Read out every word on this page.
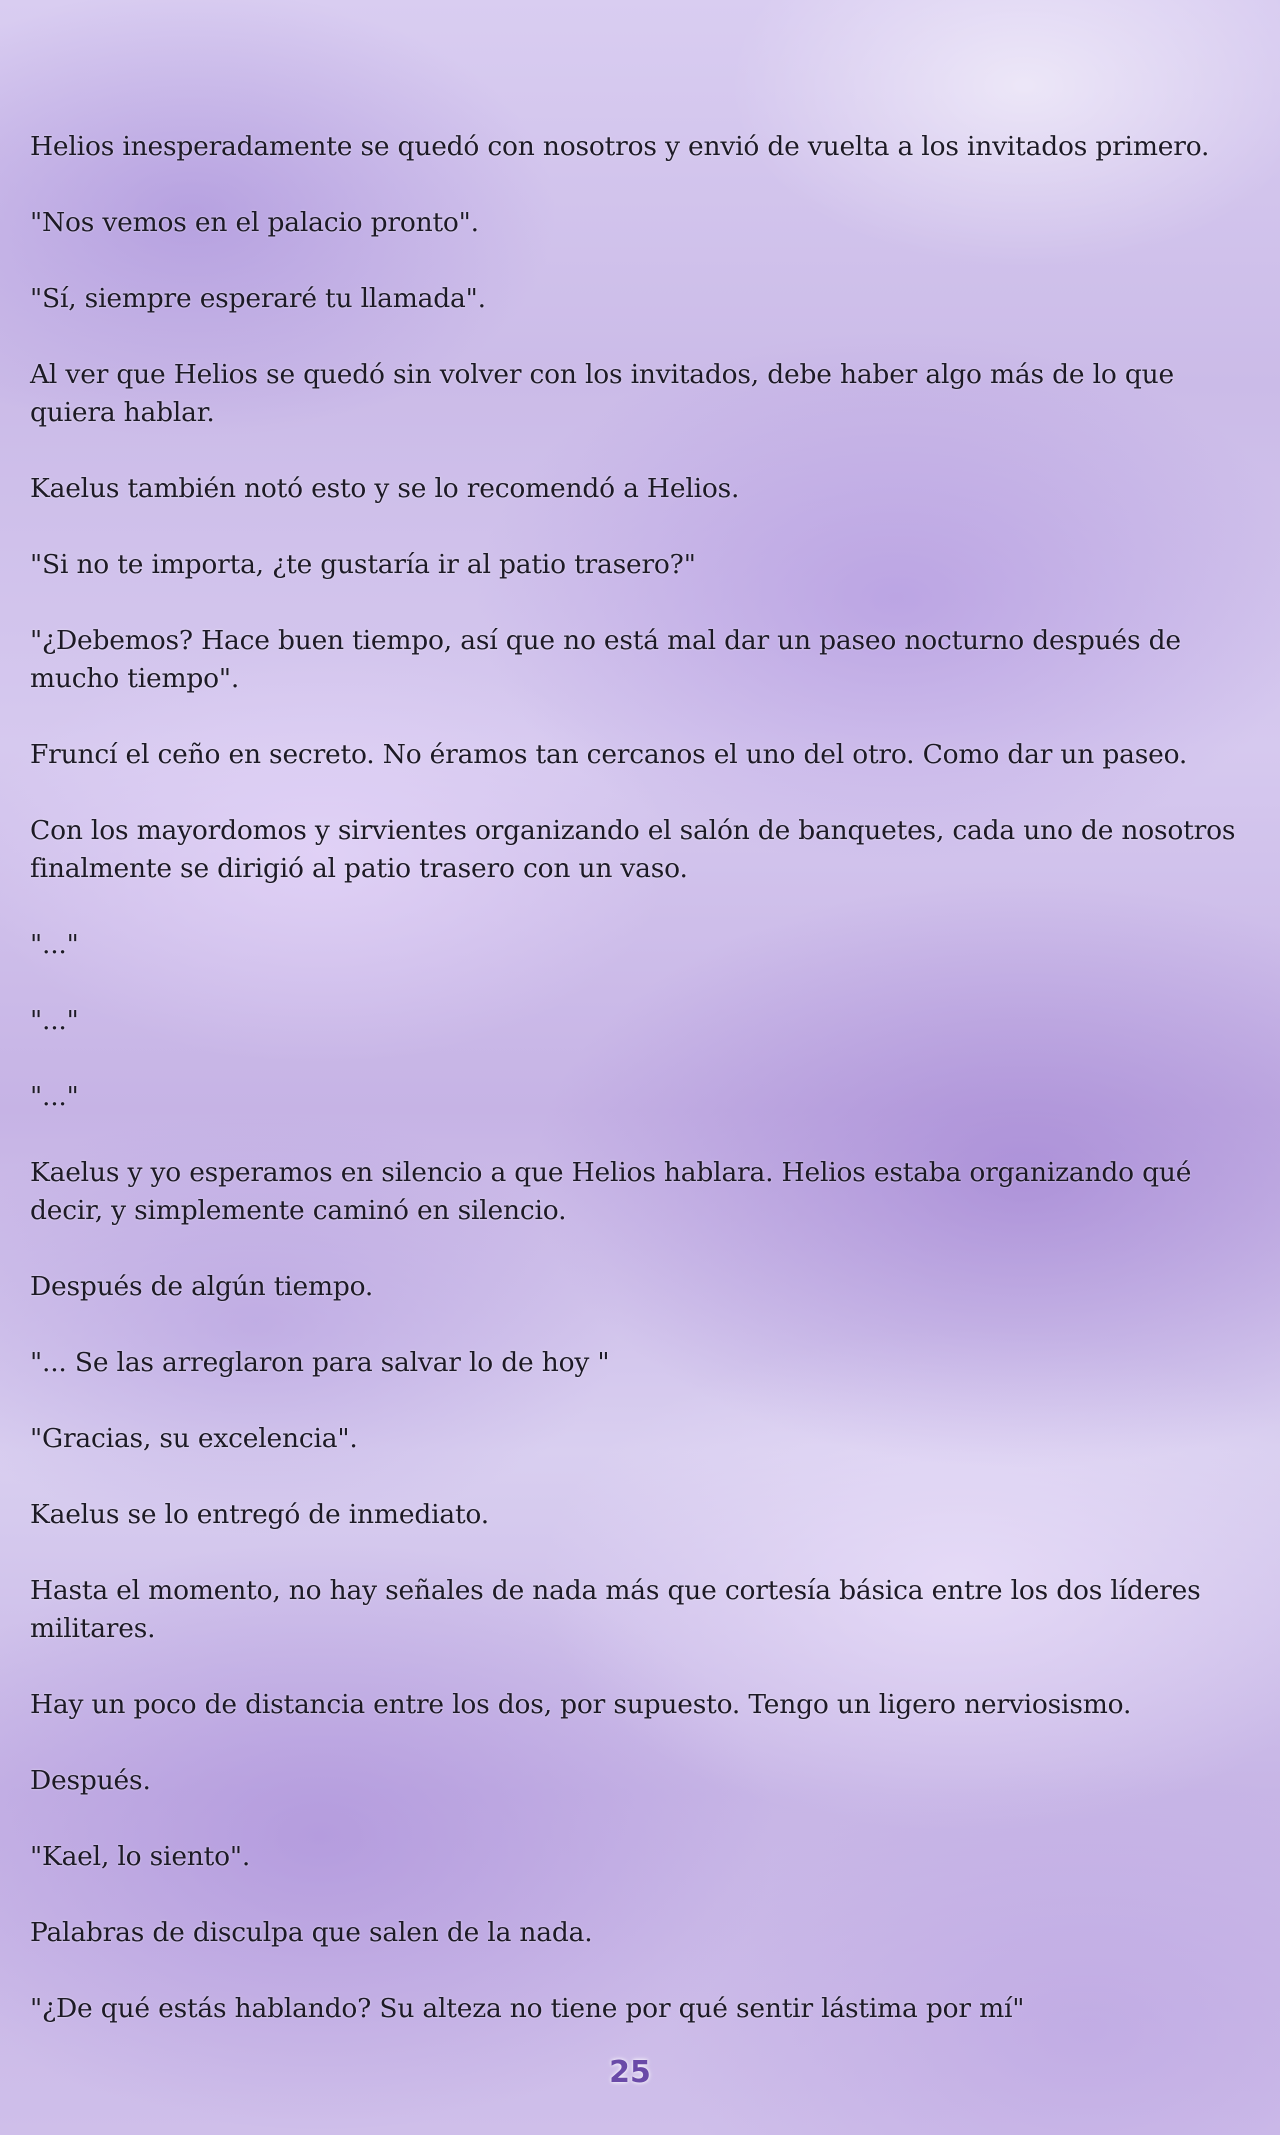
Helios inesperadamente se quedó con nosotros y envió de vuelta a los invitados primero.

"Nos vemos en el palacio pronto".

"Sí, siempre esperaré tu llamada".

Al ver que Helios se quedó sin volver con los invitados, debe haber algo más de lo que quiera hablar.

Kaelus también notó esto y se lo recomendó a Helios.

"Si no te importa, ¿te gustaría ir al patio trasero?"

"¿Debemos? Hace buen tiempo, así que no está mal dar un paseo nocturno después de mucho tiempo".

Fruncí el ceño en secreto. No éramos tan cercanos el uno del otro. Como dar un paseo.

Con los mayordomos y sirvientes organizando el salón de banquetes, cada uno de nosotros finalmente se dirigió al patio trasero con un vaso.

"..."

"..."

"..."

Kaelus y yo esperamos en silencio a que Helios hablara. Helios estaba organizando qué decir, y simplemente caminó en silencio.

Después de algún tiempo.

"... Se las arreglaron para salvar lo de hoy "

"Gracias, su excelencia".

Kaelus se lo entregó de inmediato.

Hasta el momento, no hay señales de nada más que cortesía básica entre los dos líderes militares.

Hay un poco de distancia entre los dos, por supuesto. Tengo un ligero nerviosismo.

Después.

"Kael, lo siento".

Palabras de disculpa que salen de la nada.

"¿De qué estás hablando? Su alteza no tiene por qué sentir lástima por mí"

25
